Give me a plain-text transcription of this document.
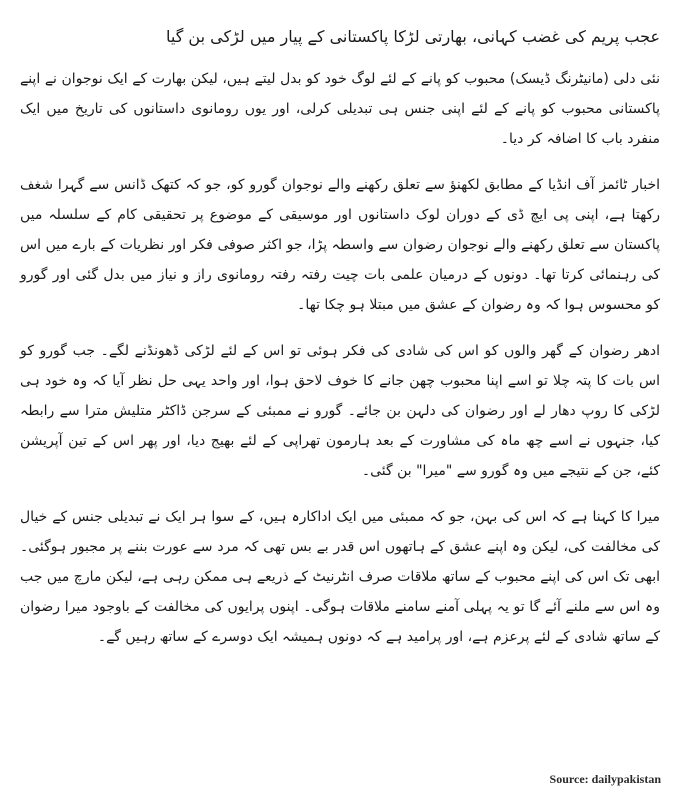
عجب پریم کی غضب کہانی، بھارتی لڑکا پاکستانی کے پیار میں لڑکی بن گیا

نئی دلی (مانیٹرنگ ڈیسک) محبوب کو پانے کے لئے لوگ خود کو بدل لیتے ہیں، لیکن بھارت کے ایک نوجوان نے اپنے پاکستانی محبوب کو پانے کے لئے اپنی جنس ہی تبدیلی کرلی، اور یوں رومانوی داستانوں کی تاریخ میں ایک منفرد باب کا اضافہ کر دیا۔

اخبار ٹائمز آف انڈیا کے مطابق لکھنؤ سے تعلق رکھنے والے نوجوان گورو کو، جو کہ کتھک ڈانس سے گہرا شغف رکھتا ہے، اپنی پی ایچ ڈی کے دوران لوک داستانوں اور موسیقی کے موضوع پر تحقیقی کام کے سلسلہ میں پاکستان سے تعلق رکھنے والے نوجوان رضوان سے واسطہ پڑا، جو اکثر صوفی فکر اور نظریات کے بارے میں اس کی رہنمائی کرتا تھا۔ دونوں کے درمیان علمی بات چیت رفتہ رفتہ رومانوی راز و نیاز میں بدل گئی اور گورو کو محسوس ہوا کہ وہ رضوان کے عشق میں مبتلا ہو چکا تھا۔

ادھر رضوان کے گھر والوں کو اس کی شادی کی فکر ہوئی تو اس کے لئے لڑکی ڈھونڈنے لگے۔ جب گورو کو اس بات کا پتہ چلا تو اسے اپنا محبوب چھن جانے کا خوف لاحق ہوا، اور واحد یہی حل نظر آیا کہ وہ خود ہی لڑکی کا روپ دھار لے اور رضوان کی دلہن بن جائے۔ گورو نے ممبئی کے سرجن ڈاکٹر متلیش مترا سے رابطہ کیا، جنہوں نے اسے چھ ماہ کی مشاورت کے بعد ہارمون تھراپی کے لئے بھیج دیا، اور پھر اس کے تین آپریشن کئے، جن کے نتیجے میں وہ گورو سے "میرا" بن گئی۔

میرا کا کہنا ہے کہ اس کی بہن، جو کہ ممبئی میں ایک اداکارہ ہیں، کے سوا ہر ایک نے تبدیلی جنس کے خیال کی مخالفت کی، لیکن وہ اپنے عشق کے ہاتھوں اس قدر بے بس تھی کہ مرد سے عورت بننے پر مجبور ہوگئی۔ ابھی تک اس کی اپنے محبوب کے ساتھ ملاقات صرف انٹرنیٹ کے ذریعے ہی ممکن رہی ہے، لیکن مارچ میں جب وہ اس سے ملنے آئے گا تو یہ پہلی آمنے سامنے ملاقات ہوگی۔ اپنوں پرایوں کی مخالفت کے باوجود میرا رضوان کے ساتھ شادی کے لئے پرعزم ہے، اور پرامید ہے کہ دونوں ہمیشہ ایک دوسرے کے ساتھ رہیں گے۔

Source: dailypakistan
